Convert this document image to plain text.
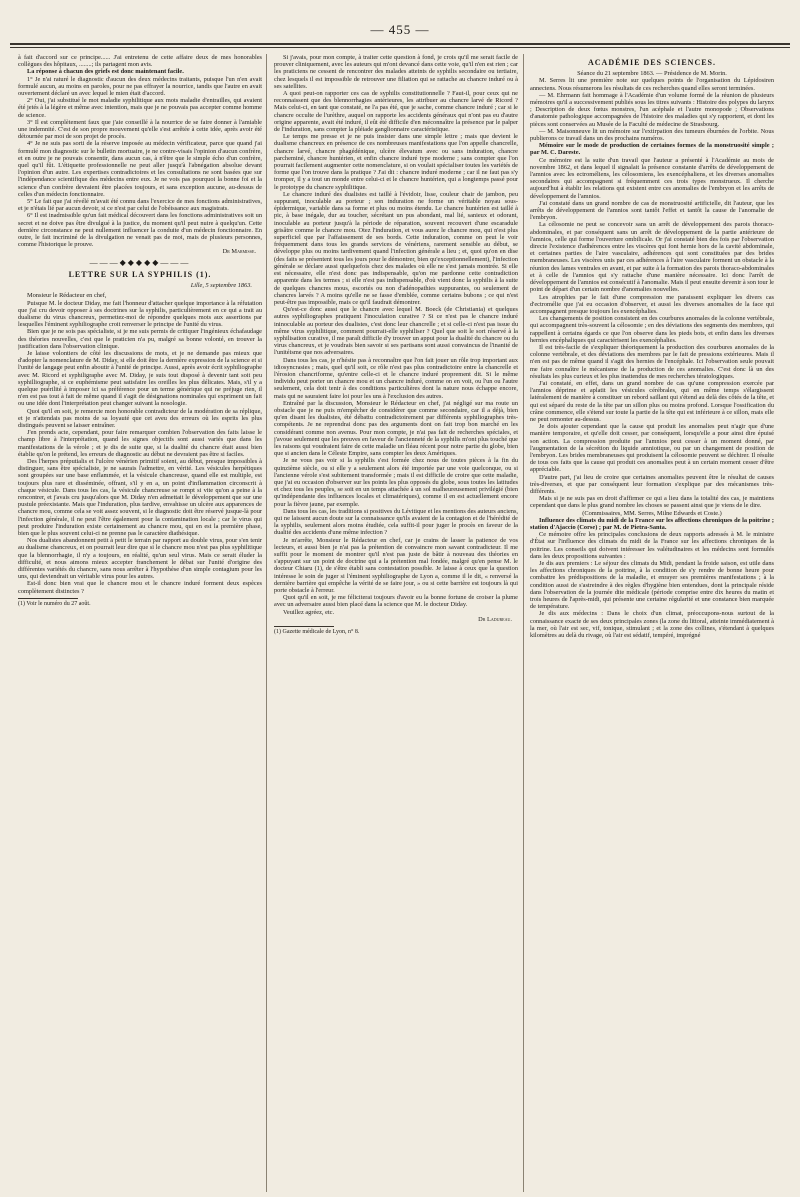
— 455 —

à fait d'accord sur ce principe...... J'ai entretenu de cette affaire deux de mes honorables collègues des hôpitaux, ........; ils partagent mon avis.

La réponse à chacun des griefs est donc maintenant facile.

1° Je n'ai raturé le diagnostic d'aucun des deux médecins traitants, puisque l'un n'en avait formulé aucun, au moins en paroles, pour ne pas effrayer la nourrice, tandis que l'autre en avait ouvertement déclaré un avec lequel le mien était d'accord.

2° Oui, j'ai substitué le mot maladie syphilitique aux mots maladie d'entrailles, qui avaient été jetés à la légère et même avec intention, mais que je ne pouvais pas accepter comme homme de science.

3° Il est complètement faux que j'aie conseillé à la nourrice de se faire donner à l'amiable une indemnité. C'est de son propre mouvement qu'elle s'est arrêtée à cette idée, après avoir été détournée par moi de son projet de procès.

4° Je ne suis pas sorti de la réserve imposée au médecin vérificateur, parce que quand j'ai formulé mon diagnostic sur le bulletin mortuaire, je ne contre-visais l'opinion d'aucun confrère, et en outre je ne pouvais consentir, dans aucun cas, à n'être que le simple écho d'un confrère, quel qu'il fût. L'étiquette professionnelle ne peut aller jusqu'à l'abnégation absolue devant l'opinion d'un autre. Les expertises contradictoires et les consultations ne sont basées que sur l'indépendance scientifique des médecins entre eux. Je ne vois pas pourquoi la bonne foi et la science d'un confrère devraient être placées toujours, et sans exception aucune, au-dessus de celles d'un médecin fonctionnaire.

5° Le fait que j'ai révélé m'avait été connu dans l'exercice de mes fonctions administratives, et je n'étais lié par aucun devoir, si ce n'est par celui de l'obéissance aux magistrats.

6° Il est inadmissible qu'un fait médical découvert dans les fonctions administratives soit un secret et ne doive pas être divulgué à la justice, du moment qu'il peut nuire à quelqu'un. Cette dernière circonstance ne peut nullement influencer la conduite d'un médecin fonctionnaire. En outre, le fait incriminé de la divulgation ne venait pas de moi, mais de plusieurs personnes, comme l'historique le prouve.

Dr Marmisse.

———◆◆◆◆◆———

LETTRE SUR LA SYPHILIS (1).

Lille, 5 septembre 1863.

Monsieur le Rédacteur en chef,

Puisque M. le docteur Diday, me fait l'honneur d'attacher quelque importance à la réfutation que j'ai cru devoir opposer à ses doctrines sur la syphilis, particulièrement en ce qui a trait au dualisme du virus chancreux, permettez-moi de répondre quelques mots aux assertions par lesquelles l'éminent syphiliographe croit renverser le principe de l'unité du virus.

Bien que je ne sois pas spécialiste, si je me suis permis de critiquer l'ingénieux échafaudage des théories nouvelles, c'est que le praticien n'a pu, malgré sa bonne volonté, en trouver la justification dans l'observation clinique.

Je laisse volontiers de côté les discussions de mots, et je ne demande pas mieux que d'adopter la nomenclature de M. Diday, si elle doit être la dernière expression de la science et si l'unité de langage peut enfin aboutir à l'unité de principe. Aussi, après avoir écrit syphiliographe avec M. Ricord et syphiligraphe avec M. Diday, je suis tout disposé à devenir tant soit peu syphilliographe, si ce euphémisme peut satisfaire les oreilles les plus délicates. Mais, s'il y a quelque puérilité à imposer ici sa préférence pour un terme générique qui ne préjuge rien, il n'en est pas tout à fait de même quand il s'agit de désignations nominales qui expriment un fait ou une idée dont l'interprétation peut changer suivant la nosologie.

Quoi qu'il en soit, je remercie mon honorable contradicteur de la modération de sa réplique, et je n'attendais pas moins de sa loyauté que cet aveu des erreurs où les esprits les plus distingués peuvent se laisser entraîner.

J'en prends acte, cependant, pour faire remarquer combien l'observation des faits laisse le champ libre à l'interprétation, quand les signes objectifs sont aussi variés que dans les manifestations de la vérole ; et je dis de suite que, si la dualité du chancre était aussi bien établie qu'on le prétend, les erreurs de diagnostic au début ne devraient pas être si faciles.

Des l'herpes préputialis et l'ulcère vénérien primitif soient, au début, presque impossibles à distinguer, sans être spécialiste, je ne saurais l'admettre, en vérité. Les vésicules herpétiques sont groupées sur une base enflammée, et la vésicule chancreuse, quand elle est multiple, est toujours plus rare et disséminée, offrant, s'il y en a, un point d'inflammation circonscrit à chaque vésicule. Dans tous les cas, la vésicule chancreuse se rompt si vite qu'on a peine à la rencontrer, et j'avais cru jusqu'alors que M. Diday n'en admettait le développement que sur une pustule préexistante. Mais que l'induration, plus tardive, envahisse un ulcère aux apparences de chancre mou, comme cela se voit assez souvent, si le diagnostic doit être réservé jusque-là pour l'infection générale, il ne peut l'être également pour la contamination locale ; car le virus qui peut produire l'induration existe certainement au chancre mou, qui en est la première phase, bien que le plus souvent celui-ci ne prenne pas le caractère diathésique.

Nos dualistes abandonnent petit à petit le terrain par rapport au double virus, pour s'en tenir au dualisme chancreux, et on pourrait leur dire que si le chancre mou n'est pas plus syphilitique que la blennorrhagie, il n'y a toujours, en réalité, qu'un seul virus. Mais ce serait éluder la difficulté, et nous aimons mieux accepter franchement le débat sur l'unité d'origine des différentes variétés du chancre, sans nous arrêter à l'hypothèse d'un simple contagium pour les uns, qui deviendrait un véritable virus pour les autres.

Est-il donc bien vrai que le chancre mou et le chancre induré forment deux espèces complètement distinctes ?

(1) Voir le numéro du 27 août.

Si j'avais, pour mon compte, à traiter cette question à fond, je crois qu'il me serait facile de prouver cliniquement, avec les auteurs qui m'ont devancé dans cette voie, qu'il n'en est rien ; car les praticiens ne cessent de rencontrer des malades atteints de syphilis secondaire ou tertiaire, chez lesquels il est impossible de retrouver une filiation qui se rattache au chancre induré ou à ses satellites.

A quoi peut-on rapporter ces cas de syphilis constitutionnelle ? Faut-il, pour ceux qui ne reconnaissent que des blennorrhagies antérieures, les attribuer au chancre larvé de Ricord ? Mais celui-ci, en tant que constaté, ne l'a pas été, que je sache, comme chancre induré ; car si le chancre occulte de l'urèthre, auquel on rapporte les accidents généraux qui n'ont pas eu d'autre origine apparente, avait été induré, il eût été difficile d'en méconnaître la présence par le palper de l'induration, sans compter la pléiade ganglionnaire caractéristique.

Le temps me presse et je ne puis insister dans une simple lettre ; mais que devient le dualisme chancreux en présence de ces nombreuses manifestations que l'on appelle chancrelle, chancre larvé, chancre phagédénique, ulcère élevatum avec ou sans induration, chancre parcheminé, chancre huntérien, et enfin chancre induré type moderne ; sans compter que l'on pourrait facilement augmenter cette nomenclature, si on voulait spécialiser toutes les variétés de forme que l'on trouve dans la pratique ? J'ai dit : chancre induré moderne ; car il ne faut pas s'y tromper, il y a tout un monde entre celui-ci et le chancre huntérien, qui a longtemps passé pour le prototype du chancre syphilitique.

Le chancre induré des dualistes est taillé à l'évidoir, lisse, couleur chair de jambon, peu suppurant, inoculable au porteur ; son induration ne forme un véritable noyau sous-épidermique, variable dans sa forme et plus ou moins étendu. Le chancre huntérien est taillé à pic, à base inégale, dur au toucher, sécrétant un pus abondant, mal lié, sanieux et odorant, inoculable au porteur jusqu'à la période de réparation, souvent recouvert d'une escaradule grisâtre comme le chancre mou. Otez l'induration, et vous aurez le chancre mou, qui n'est plus superficiel que par l'affaissement de ses bords. Cette induration, comme on peut le voir fréquemment dans tous les grands services de vénériens, rarement sensible au début, se développe plus ou moins tardivement quand l'infection générale a lieu ; et, quoi qu'on en dise (des faits se présentent tous les jours pour le démontrer, bien qu'exceptionnellement), l'infection générale se déclare aussi quelquefois chez des malades où elle ne s'est jamais montrée. Si elle est nécessaire, elle n'est donc pas indispensable, qu'on me pardonne cette contradiction apparente dans les termes ; si elle n'est pas indispensable, d'où vient donc la syphilis à la suite de quelques chancres mous, escortés ou non d'adénopathies suppurantes, ou seulement de chancres larvés ? A moins qu'elle ne se fasse d'emblée, comme certains bubons ; ce qui n'est peut-être pas impossible, mais ce qu'il faudrait démontrer.

Qu'est-ce donc aussi que le chancre avec lequel M. Boeck (de Christiania) et quelques autres syphiliographes pratiquent l'inoculation curative ? Si ce n'est pas le chancre induré ininoculable au porteur des dualistes, c'est donc leur chancrelle ; et si celle-ci n'est pas issue du même virus syphilitique, comment pourrait-elle syphiliser ? Quel que soit le sort réservé à la syphilisation curative, il me paraît difficile d'y trouver un appui pour la dualité du chancre ou du virus chancreux, et je voudrais bien savoir si ses partisans sont aussi convaincus de l'inanité de l'unitéisme que nos adversaires.

Dans tous les cas, je n'hésite pas à reconnaître que l'on fait jouer un rôle trop important aux idiosyncrasies ; mais, quel qu'il soit, ce rôle n'est pas plus contradictoire entre la chancrelle et l'érosion chancriforme, qu'entre celle-ci et le chancre induré proprement dit. Si le même individu peut porter un chancre mou et un chancre induré, comme on en voit, ou l'un ou l'autre seulement, cela doit tenir à des conditions particulières dont la nature nous échappe encore, mais qui ne sauraient faire loi pour les uns à l'exclusion des autres.

Entraîné par la discussion, Monsieur le Rédacteur en chef, j'ai négligé sur ma route un obstacle que je ne puis m'empêcher de considérer que comme secondaire, car il a déjà, bien qu'en disant les dualistes, été débattu contradictoirement par différents syphiliographes très-compétents. Je ne reprendrai donc pas des arguments dont on fait trop bon marché en les considérant comme non avenus. Pour mon compte, je n'ai pas fait de recherches spéciales, et j'avoue seulement que les preuves en faveur de l'ancienneté de la syphilis m'ont plus touché que les raisons qui voudraient faire de cette maladie un fléau récent pour notre partie du globe, bien que si ancien dans le Céleste Empire, sans compter les deux Amériques.

Je ne vous pas voir si la syphilis s'est formée chez nous de toutes pièces à la fin du quinzième siècle, ou si elle y a seulement alors été importée par une voie quelconque, ou si l'ancienne vérole s'est subitement transformée ; mais il est difficile de croire que cette maladie, que j'ai eu occasion d'observer sur les points les plus opposés du globe, sous toutes les latitudes et chez tous les peuples, se soit en un temps attachée à un sol malheureusement privilégié (bien qu'indépendante des influences locales et climatériques), comme il en est actuellement encore pour la fièvre jaune, par exemple.

Dans tous les cas, les traditions si positives du Lévitique et les mentions des auteurs anciens, qui ne laissent aucun doute sur la connaissance qu'ils avaient de la contagion et de l'hérédité de la syphilis, seulement alors moins étudiée, cela suffit-il pour juger le procès en faveur de la dualité des accidents d'une même infection ?

Je m'arrête, Monsieur le Rédacteur en chef, car je crains de lasser la patience de vos lecteurs, et aussi bien je n'ai pas la prétention de convaincre mon savant contradicteur. Il me suffit pour le moment de montrer qu'il n'est pas juste de bâtir à nouveau des théories en s'appuyant sur un point de doctrine qui a la prétention mal fondée, malgré qu'en pense M. le docteur Chiaru (1), de s'être établi sans contestation possible. Je laisse à ceux que la question intéresse le soin de juger si l'éminent syphiliographe de Lyon a, comme il le dit, « renversé la dernière barrière qui empêche la vérité de se faire jour, » ou si cette barrière est toujours là qui porte obstacle à l'erreur.

Quoi qu'il en soit, je me féliciterai toujours d'avoir eu la bonne fortune de croiser la plume avec un adversaire aussi bien placé dans la science que M. le docteur Diday.

Veuillez agréez, etc.

Dr Ladureau.

(1) Gazette médicale de Lyon, n° 8.

ACADÉMIE DES SCIENCES.

Séance du 21 septembre 1863. — Présidence de M. Morin.

M. Serres lit une première note sur quelques points de l'organisation du Lépidosiren annectens. Nous résumerons les résultats de ces recherches quand elles seront terminées.

— M. Ehrmann fait hommage à l'Académie d'un volume formé de la réunion de plusieurs mémoires qu'il a successivement publiés sous les titres suivants : Histoire des polypes du larynx ; Description de deux fœtus monstres, l'un acéphale et l'autre monopode ; Observations d'anatomie pathologique accompagnées de l'histoire des maladies qui s'y rapportent, et dont les pièces sont conservées au Musée de la Faculté de médecine de Strasbourg.

— M. Maisonneuve lit un mémoire sur l'extirpation des tumeurs éburnées de l'orbite. Nous publierons ce travail dans un des prochains numéros.

Mémoire sur le mode de production de certaines formes de la monstruosité simple ; par M. C. Dareste.

Ce mémoire est la suite d'un travail que l'auteur a présenté à l'Académie au mois de novembre 1862, et dans lequel il signalait la présence constante d'arrêts de développement de l'amnios avec les ectroméliens, les célosomiens, les exencéphaliens, et les diverses anomalies secondaires qui accompagnent si fréquemment ces trois types monstrueux. Il cherche aujourd'hui à établir les relations qui existent entre ces anomalies de l'embryon et les arrêts de développement de l'amnios.

J'ai constaté dans un grand nombre de cas de monstruosité artificielle, dit l'auteur, que les arrêts de développement de l'amnios sont tantôt l'effet et tantôt la cause de l'anomalie de l'embryon.

La célosomie ne peut se concevoir sans un arrêt de développement des parois thoraco-abdominales, et par conséquent sans un arrêt de développement de la partie antérieure de l'amnios, celle qui forme l'ouverture ombilicale. Or j'ai constaté bien des fois par l'observation directe l'existence d'adhérences entre les viscères qui font hernie hors de la cavité abdominale, et certaines parties de l'aire vasculaire, adhérences qui sont constituées par des brides membraneuses. Les viscères unis par ces adhérences à l'aire vasculaire forment un obstacle à la réunion des lames ventrales en avant, et par suite à la formation des parois thoraco-abdominales et à celle de l'amnios qui s'y rattache d'une manière nécessaire. Ici donc l'arrêt de développement de l'amnios est consécutif à l'anomalie. Mais il peut ensuite devenir à son tour le point de départ d'un certain nombre d'anomalies nouvelles.

Les atrophies par le fait d'une compression me paraissent expliquer les divers cas d'ectromélie que j'ai eu occasion d'observer, et aussi les diverses anomalies de la face qui accompagnent presque toujours les exencéphalies.

Les changements de position consistent en des courbures anomales de la colonne vertébrale, qui accompagnent très-souvent la célosomie ; en des déviations des segments des membres, qui rappellent à certains égards ce que l'on observe dans les pieds bots, et enfin dans les diverses hernies encéphaliques qui caractérisent les exencéphalies.

Il est très-facile de s'expliquer théoriquement la production des courbures anomales de la colonne vertébrale, et des déviations des membres par le fait de pressions extérieures. Mais il n'en est pas de même quand il s'agit des hernies de l'encéphale. Ici l'observation seule pouvait me faire connaître le mécanisme de la production de ces anomalies. C'est donc là un des résultats les plus curieux et les plus inattendus de mes recherches tératologiques.

J'ai constaté, en effet, dans un grand nombre de cas qu'une compression exercée par l'amnios déprime et aplatit les vésicules cérébrales, qui en même temps s'élargissent latéralement de manière à constituer un rebord saillant qui s'étend au delà des côtés de la tête, et qui est séparé du reste de la tête par un sillon plus ou moins profond. Lorsque l'ossification du crâne commence, elle s'étend sur toute la partie de la tête qui est inférieure à ce sillon, mais elle ne peut remonter au-dessus.

Je dois ajouter cependant que la cause qui produit les anomalies peut n'agir que d'une manière temporaire, et qu'elle doit cesser, par conséquent, lorsqu'elle a pour ainsi dire épuisé son action. La compression produite par l'amnios peut cesser à un moment donné, par l'augmentation de la sécrétion du liquide amniotique, ou par un changement de position de l'embryon. Les brides membraneuses qui produisent la célosomie peuvent se déchirer. Il résulte de tous ces faits que la cause qui produit ces anomalies peut à un certain moment cesser d'être appréciable.

D'autre part, j'ai lieu de croire que certaines anomalies peuvent être le résultat de causes très-diverses, et que par conséquent leur formation s'explique par des mécanismes très-différents.

Mais si je ne suis pas en droit d'affirmer ce qui a lieu dans la totalité des cas, je maintiens cependant que dans le plus grand nombre les choses se passent ainsi que je viens de le dire.

(Commissaires, MM. Serres, Milne Edwards et Coste.)

Influence des climats du midi de la France sur les affections chroniques de la poitrine ; station d'Ajaccio (Corse) ; par M. de Pietra-Santa.

Ce mémoire offre les principales conclusions de deux rapports adressés à M. le ministre d'État sur l'influence des climats du midi de la France sur les affections chroniques de la poitrine. Les conseils qui doivent intéresser les valétudinaires et les médecins sont formulés dans les deux propositions suivantes :

Je dis aux premiers : Le séjour des climats du Midi, pendant la froide saison, est utile dans les affections chroniques de la poitrine, à la condition de s'y rendre de bonne heure pour combattre les prédispositions de la maladie, et enrayer ses premières manifestations ; à la condition aussi de s'astreindre à des règles d'hygiène bien entendues, dont la principale réside dans l'observation de la journée dite médicale (période comprise entre dix heures du matin et trois heures de l'après-midi, qui présente une certaine régularité et une constance bien marquée de température.

Je dis aux médecins : Dans le choix d'un climat, préoccupons-nous surtout de la connaissance exacte de ses deux principales zones (la zone du littoral, atteinte immédiatement à la mer, où l'air est sec, vif, tonique, stimulant ; et la zone des collines, s'étendant à quelques kilomètres au delà du rivage, où l'air est sédatif, tempéré, imprégné
